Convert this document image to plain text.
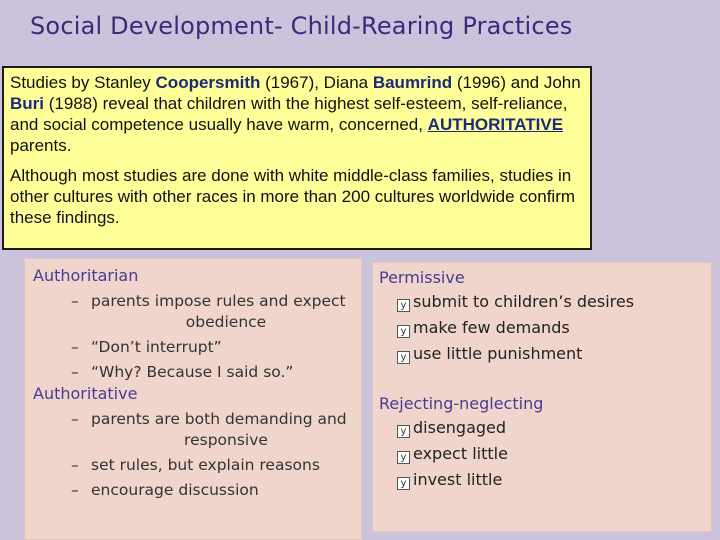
Social Development- Child-Rearing Practices

Studies by Stanley Coopersmith (1967), Diana Baumrind (1996) and John Buri (1988) reveal that children with the highest self-esteem, self-reliance, and social competence usually have warm, concerned, AUTHORITATIVE parents.

Although most studies are done with white middle-class families, studies in other cultures with other races in more than 200 cultures worldwide confirm these findings.

Authoritarian
– parents impose rules and expect
obedience
– “Don’t interrupt”
– “Why? Because I said so.”
Authoritative
– parents are both demanding and
responsive
– set rules, but explain reasons
– encourage discussion
Permissive
y submit to children’s desires
y make few demands
y use little punishment
Rejecting-neglecting
y disengaged
y expect little
y invest little
